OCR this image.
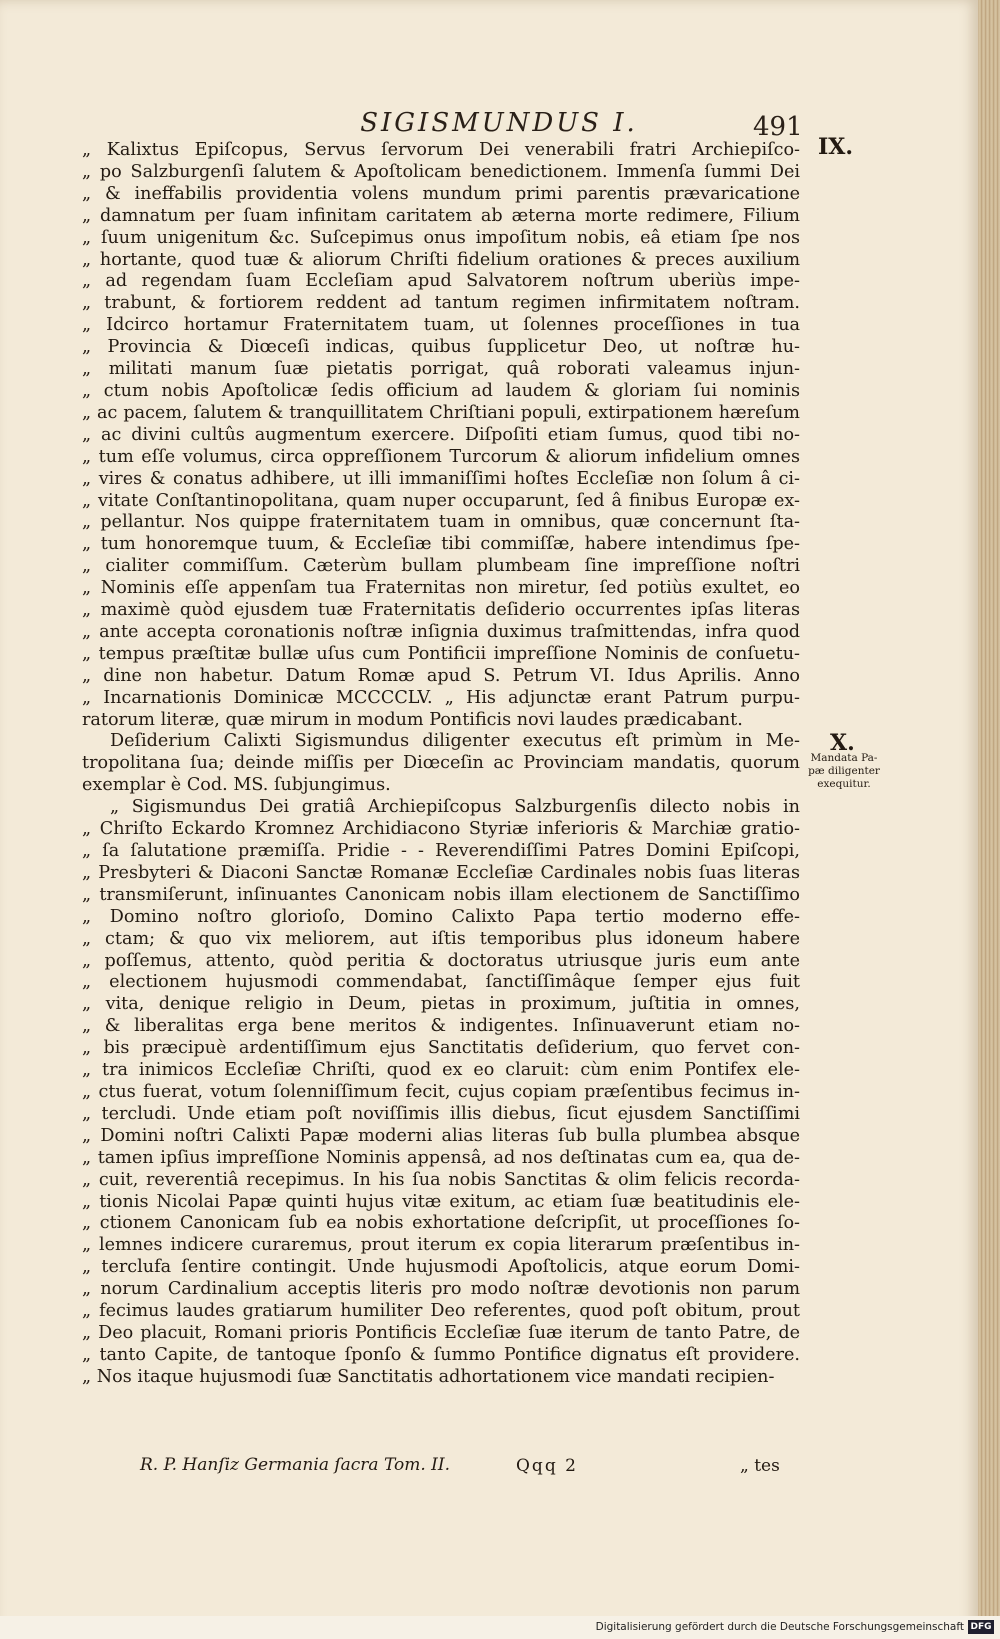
SIGISMUNDUS I.	491
IX.
„ Kalixtus Epiſcopus, Servus ſervorum Dei venerabili fratri Archiepiſco-
„ po Salzburgenſi ſalutem & Apoſtolicam benedictionem. Immenſa ſummi Dei
„ & ineffabilis providentia volens mundum primi parentis prævaricatione
„ damnatum per ſuam infinitam caritatem ab æterna morte redimere, Filium
„ ſuum unigenitum &c. Suſcepimus onus impoſitum nobis, eâ etiam ſpe nos
„ hortante, quod tuæ & aliorum Chriſti fidelium orationes & preces auxilium
„ ad regendam ſuam Eccleſiam apud Salvatorem noſtrum uberiùs impe-
„ trabunt, & fortiorem reddent ad tantum regimen infirmitatem noſtram.
„ Idcirco hortamur Fraternitatem tuam, ut ſolennes proceſſiones in tua
„ Provincia & Diœceſi indicas, quibus ſupplicetur Deo, ut noſtræ hu-
„ militati manum ſuæ pietatis porrigat, quâ roborati valeamus injun-
„ ctum nobis Apoſtolicæ ſedis officium ad laudem & gloriam ſui nominis
„ ac pacem, ſalutem & tranquillitatem Chriſtiani populi, extirpationem hæreſum
„ ac divini cultûs augmentum exercere. Diſpoſiti etiam ſumus, quod tibi no-
„ tum eſſe volumus, circa oppreſſionem Turcorum & aliorum infidelium omnes
„ vires & conatus adhibere, ut illi immaniſſimi hoſtes Eccleſiæ non ſolum â ci-
„ vitate Conſtantinopolitana, quam nuper occuparunt, ſed â finibus Europæ ex-
„ pellantur. Nos quippe fraternitatem tuam in omnibus, quæ concernunt ſta-
„ tum honoremque tuum, & Eccleſiæ tibi commiſſæ, habere intendimus ſpe-
„ cialiter commiſſum. Cæterùm bullam plumbeam ſine impreſſione noſtri
„ Nominis eſſe appenſam tua Fraternitas non miretur, ſed potiùs exultet, eo
„ maximè quòd ejusdem tuæ Fraternitatis deſiderio occurrentes ipſas literas
„ ante accepta coronationis noſtræ inſignia duximus traſmittendas, infra quod
„ tempus præſtitæ bullæ uſus cum Pontificii impreſſione Nominis de conſuetu-
„ dine non habetur. Datum Romæ apud S. Petrum VI. Idus Aprilis. Anno
„ Incarnationis Dominicæ MCCCCLV. „ His adjunctæ erant Patrum purpu-
ratorum literæ, quæ mirum in modum Pontificis novi laudes prædicabant.
Deſiderium Calixti Sigismundus diligenter executus eſt primùm in Me-
tropolitana ſua; deinde miſſis per Diœceſin ac Provinciam mandatis, quorum
exemplar è Cod. MS. ſubjungimus.
„ Sigismundus Dei gratiâ Archiepiſcopus Salzburgenſis dilecto nobis in
„ Chriſto Eckardo Kromnez Archidiacono Styriæ inferioris & Marchiæ gratio-
„ ſa ſalutatione præmiſſa. Pridie - - Reverendiſſimi Patres Domini Epiſcopi,
„ Presbyteri & Diaconi Sanctæ Romanæ Eccleſiæ Cardinales nobis ſuas literas
„ transmiſerunt, inſinuantes Canonicam nobis illam electionem de Sanctiſſimo
„ Domino noſtro glorioſo, Domino Calixto Papa tertio moderno effe-
„ ctam; & quo vix meliorem, aut iſtis temporibus plus idoneum habere
„ poſſemus, attento, quòd peritia & doctoratus utriusque juris eum ante
„ electionem hujusmodi commendabat, ſanctiſſimâque ſemper ejus fuit
„ vita, denique religio in Deum, pietas in proximum, juſtitia in omnes,
„ & liberalitas erga bene meritos & indigentes. Inſinuaverunt etiam no-
„ bis præcipuè ardentiſſimum ejus Sanctitatis deſiderium, quo fervet con-
„ tra inimicos Eccleſiæ Chriſti, quod ex eo claruit: cùm enim Pontifex ele-
„ ctus fuerat, votum ſolenniſſimum fecit, cujus copiam præſentibus fecimus in-
„ tercludi. Unde etiam poſt noviſſimis illis diebus, ſicut ejusdem Sanctiſſimi
„ Domini noſtri Calixti Papæ moderni alias literas ſub bulla plumbea absque
„ tamen ipſius impreſſione Nominis appensâ, ad nos deſtinatas cum ea, qua de-
„ cuit, reverentiâ recepimus. In his ſua nobis Sanctitas & olim felicis recorda-
„ tionis Nicolai Papæ quinti hujus vitæ exitum, ac etiam ſuæ beatitudinis ele-
„ ctionem Canonicam ſub ea nobis exhortatione deſcripſit, ut proceſſiones ſo-
„ lemnes indicere curaremus, prout iterum ex copia literarum præſentibus in-
„ terclufa ſentire contingit. Unde hujusmodi Apoſtolicis, atque eorum Domi-
„ norum Cardinalium acceptis literis pro modo noſtræ devotionis non parum
„ fecimus laudes gratiarum humiliter Deo referentes, quod poſt obitum, prout
„ Deo placuit, Romani prioris Pontificis Eccleſiæ ſuæ iterum de tanto Patre, de
„ tanto Capite, de tantoque ſponſo & ſummo Pontifice dignatus eſt providere.
„ Nos itaque hujusmodi ſuæ Sanctitatis adhortationem vice mandati recipien-
X.
Mandata Pa-
pæ diligenter
exequitur.
R. P. Hanſiz Germania ſacra Tom. II.	Qqq 2	„ tes
Digitalisierung gefördert durch die Deutsche Forschungsgemeinschaft DFG
